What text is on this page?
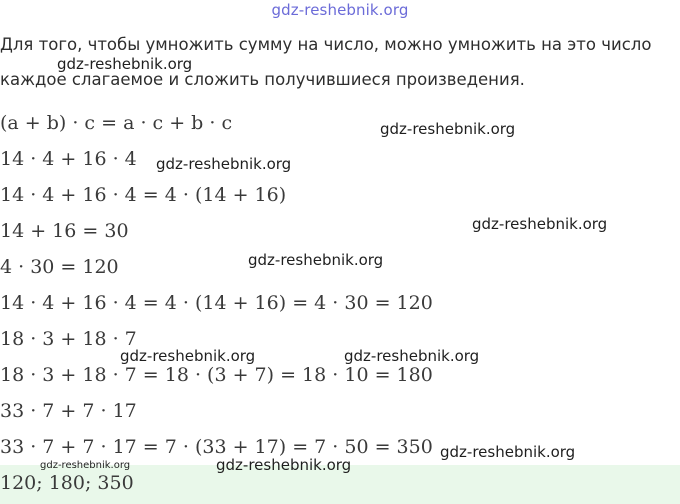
gdz-reshebnik.org
Для того, чтобы умножить сумму на число, можно умножить на это число
каждое слагаемое и сложить получившиеся произведения.
(a + b) · c = a · c + b · c
14 · 4 + 16 · 4
14 · 4 + 16 · 4 = 4 · (14 + 16)
14 + 16 = 30
4 · 30 = 120
14 · 4 + 16 · 4 = 4 · (14 + 16) = 4 · 30 = 120
18 · 3 + 18 · 7
18 · 3 + 18 · 7 = 18 · (3 + 7) = 18 · 10 = 180
33 · 7 + 7 · 17
33 · 7 + 7 · 17 = 7 · (33 + 17) = 7 · 50 = 350
120; 180; 350
gdz-reshebnik.org
gdz-reshebnik.org
gdz-reshebnik.org
gdz-reshebnik.org
gdz-reshebnik.org
gdz-reshebnik.org	gdz-reshebnik.org
gdz-reshebnik.org
gdz-reshebnik.org
gdz-reshebnik.org
